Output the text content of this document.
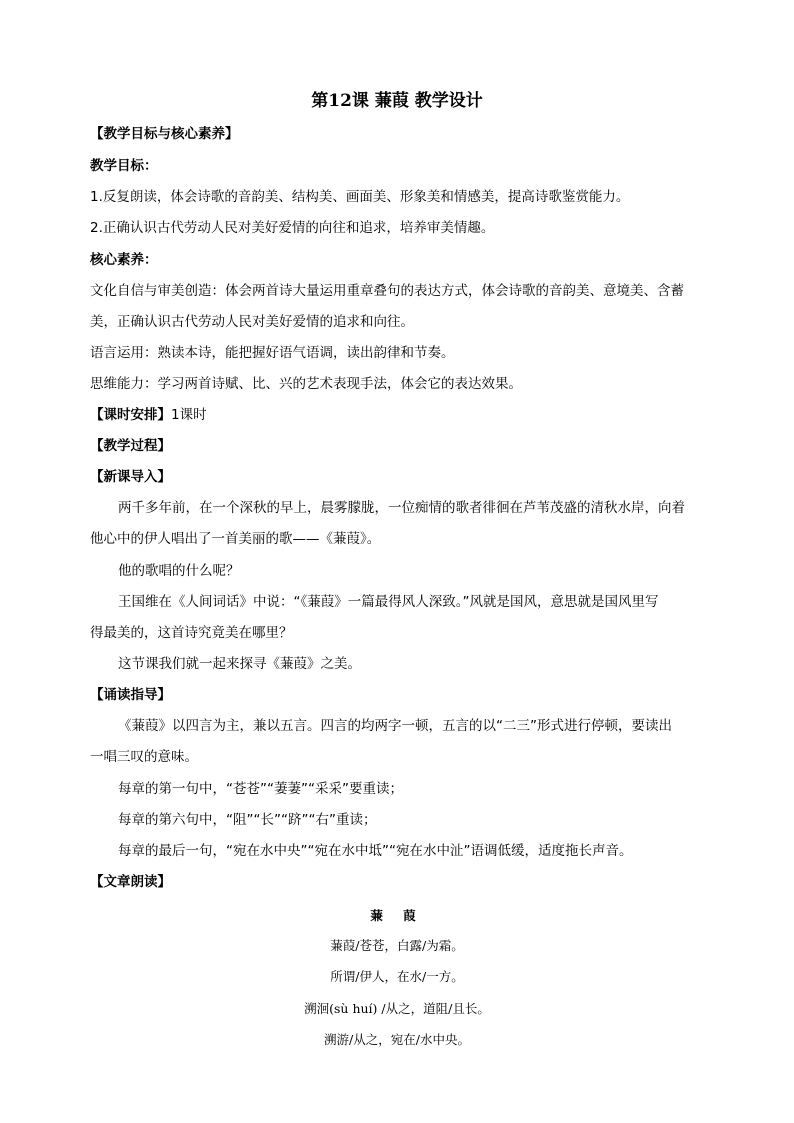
第12课 蒹葭 教学设计
【教学目标与核心素养】
教学目标：
1.反复朗读，体会诗歌的音韵美、结构美、画面美、形象美和情感美，提高诗歌鉴赏能力。
2.正确认识古代劳动人民对美好爱情的向往和追求，培养审美情趣。
核心素养：
文化自信与审美创造：体会两首诗大量运用重章叠句的表达方式，体会诗歌的音韵美、意境美、含蓄
美，正确认识古代劳动人民对美好爱情的追求和向往。
语言运用：熟读本诗，能把握好语气语调，读出韵律和节奏。
思维能力：学习两首诗赋、比、兴的艺术表现手法，体会它的表达效果。
【课时安排】1课时
【教学过程】
【新课导入】
两千多年前，在一个深秋的早上，晨雾朦胧，一位痴情的歌者徘徊在芦苇茂盛的清秋水岸，向着
他心中的伊人唱出了一首美丽的歌——《蒹葭》。
他的歌唱的什么呢？
王国维在《人间词话》中说：“《蒹葭》一篇最得风人深致。”风就是国风，意思就是国风里写
得最美的，这首诗究竟美在哪里？
这节课我们就一起来探寻《蒹葭》之美。
【诵读指导】
《蒹葭》以四言为主，兼以五言。四言的均两字一顿，五言的以“二三”形式进行停顿，要读出
一唱三叹的意味。
每章的第一句中，“苍苍”“萋萋”“采采”要重读；
每章的第六句中，“阻”“长”“跻”“右”重读；
每章的最后一句，“宛在水中央”“宛在水中坻”“宛在水中沚”语调低缓，适度拖长声音。
【文章朗读】
蒹 葭
蒹葭/苍苍，白露/为霜。
所谓/伊人，在水/一方。
溯洄(sù huí) /从之，道阻/且长。
溯游/从之，宛在/水中央。
